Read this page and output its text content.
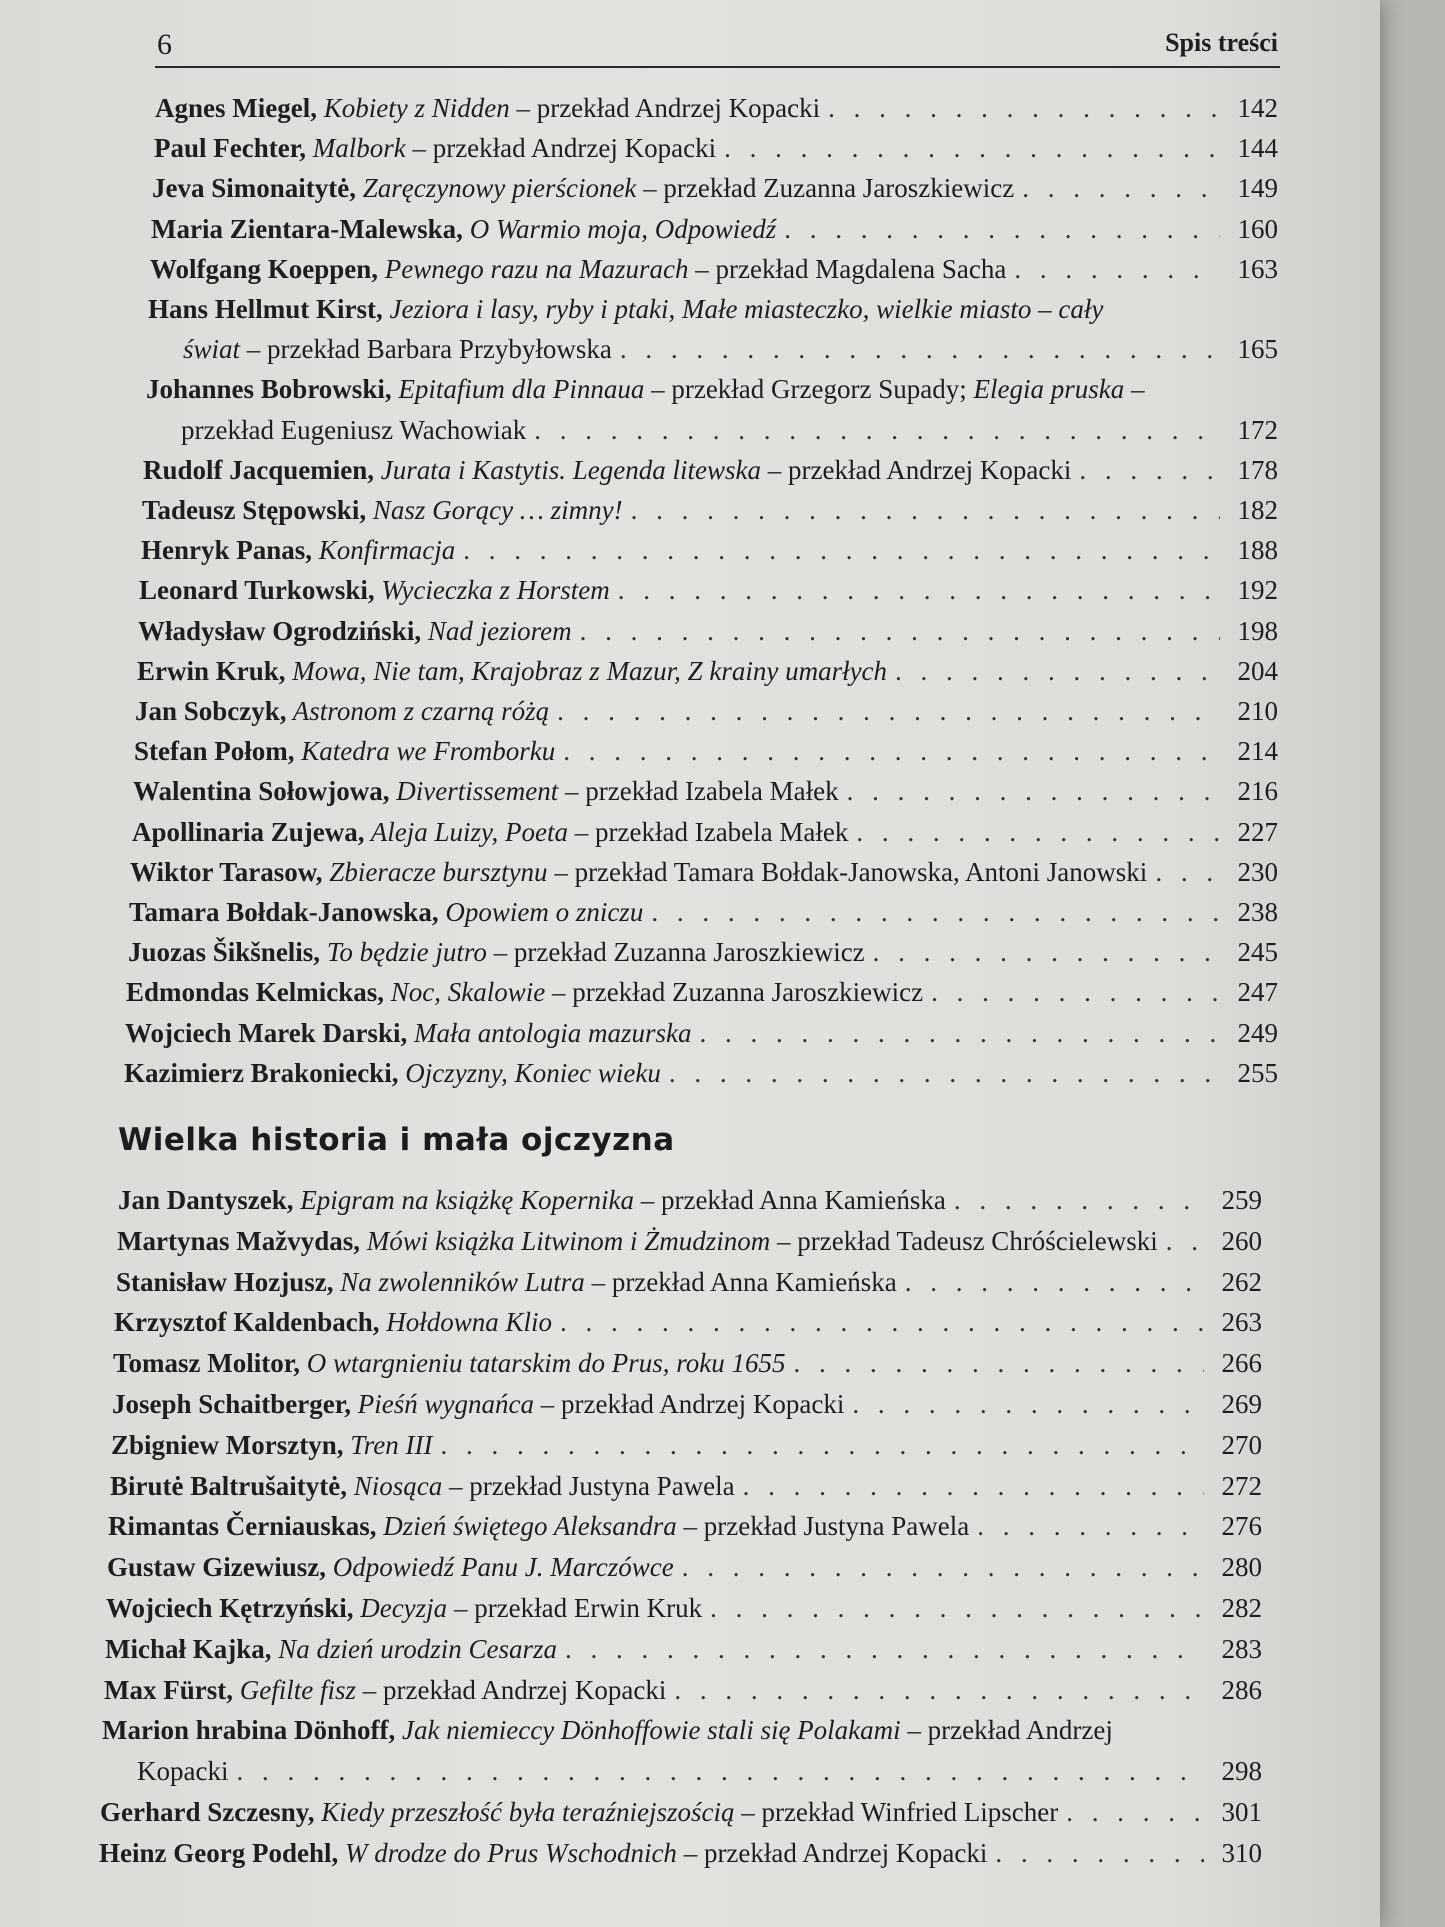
6	Spis treści
Agnes Miegel, Kobiety z Nidden – przekład Andrzej Kopacki . . .	142
Paul Fechter, Malbork – przekład Andrzej Kopacki . . .	144
Jeva Simonaitytė, Zaręczynowy pierścionek – przekład Zuzanna Jaroszkiewicz . . .	149
Maria Zientara-Malewska, O Warmio moja, Odpowiedź . . .	160
Wolfgang Koeppen, Pewnego razu na Mazurach – przekład Magdalena Sacha . . .	163
Hans Hellmut Kirst, Jeziora i lasy, ryby i ptaki, Małe miasteczko, wielkie miasto – cały
świat – przekład Barbara Przybyłowska . . .	165
Johannes Bobrowski, Epitafium dla Pinnaua – przekład Grzegorz Supady; Elegia pruska –
przekład Eugeniusz Wachowiak . . .	172
Rudolf Jacquemien, Jurata i Kastytis. Legenda litewska – przekład Andrzej Kopacki . . .	178
Tadeusz Stępowski, Nasz Gorący … zimny! . . .	182
Henryk Panas, Konfirmacja . . .	188
Leonard Turkowski, Wycieczka z Horstem . . .	192
Władysław Ogrodziński, Nad jeziorem . . .	198
Erwin Kruk, Mowa, Nie tam, Krajobraz z Mazur, Z krainy umarłych . . .	204
Jan Sobczyk, Astronom z czarną różą . . .	210
Stefan Połom, Katedra we Fromborku . . .	214
Walentina Sołowjowa, Divertissement – przekład Izabela Małek . . .	216
Apollinaria Zujewa, Aleja Luizy, Poeta – przekład Izabela Małek . . .	227
Wiktor Tarasow, Zbieracze bursztynu – przekład Tamara Bołdak-Janowska, Antoni Janowski . . .	230
Tamara Bołdak-Janowska, Opowiem o zniczu . . .	238
Juozas Šikšnelis, To będzie jutro – przekład Zuzanna Jaroszkiewicz . . .	245
Edmondas Kelmickas, Noc, Skalowie – przekład Zuzanna Jaroszkiewicz . . .	247
Wojciech Marek Darski, Mała antologia mazurska . . .	249
Kazimierz Brakoniecki, Ojczyzny, Koniec wieku . . .	255
Jan Dantyszek, Epigram na książkę Kopernika – przekład Anna Kamieńska . . .	259
Martynas Mažvydas, Mówi książka Litwinom i Żmudzinom – przekład Tadeusz Chróścielewski . . .	260
Stanisław Hozjusz, Na zwolenników Lutra – przekład Anna Kamieńska . . .	262
Krzysztof Kaldenbach, Hołdowna Klio . . .	263
Tomasz Molitor, O wtargnieniu tatarskim do Prus, roku 1655 . . .	266
Joseph Schaitberger, Pieśń wygnańca – przekład Andrzej Kopacki . . .	269
Zbigniew Morsztyn, Tren III . . .	270
Birutė Baltrušaitytė, Niosąca – przekład Justyna Pawela . . .	272
Rimantas Černiauskas, Dzień świętego Aleksandra – przekład Justyna Pawela . . .	276
Gustaw Gizewiusz, Odpowiedź Panu J. Marczówce . . .	280
Wojciech Kętrzyński, Decyzja – przekład Erwin Kruk . . .	282
Michał Kajka, Na dzień urodzin Cesarza . . .	283
Max Fürst, Gefilte fisz – przekład Andrzej Kopacki . . .	286
Marion hrabina Dönhoff, Jak niemieccy Dönhoffowie stali się Polakami – przekład Andrzej
Kopacki . . .	298
Gerhard Szczesny, Kiedy przeszłość była teraźniejszością – przekład Winfried Lipscher . . .	301
Heinz Georg Podehl, W drodze do Prus Wschodnich – przekład Andrzej Kopacki . . .	310
Wielka historia i mała ojczyzna
